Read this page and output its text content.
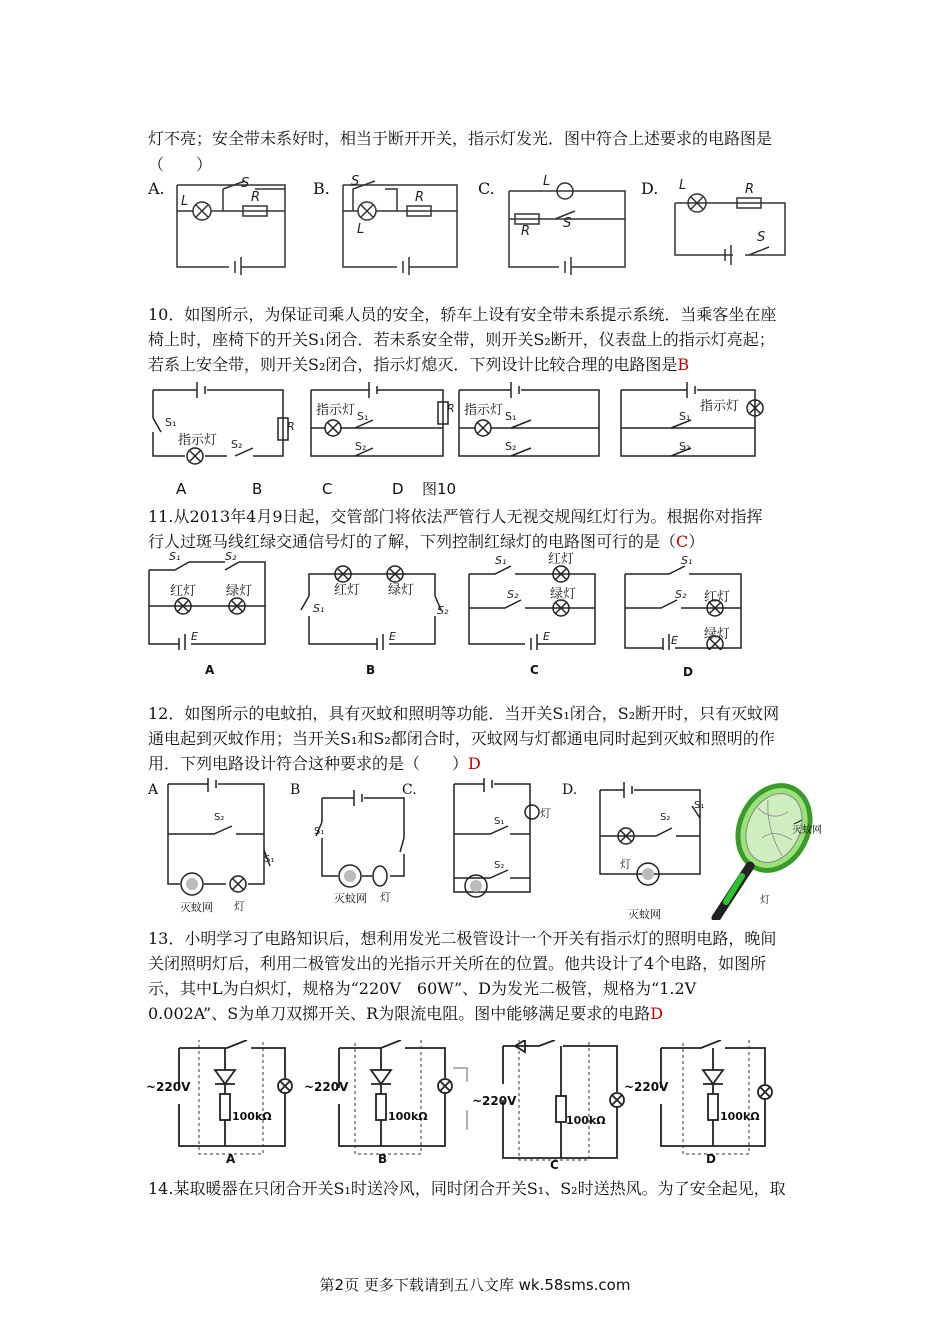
灯不亮；安全带未系好时，相当于断开开关，指示灯发光．图中符合上述要求的电路图是
（　　）
L	R
S
L
R
S	L
R
S
L	R
S
A.	B.	C.	D.
10．如图所示，为保证司乘人员的安全，轿车上设有安全带未系提示系统．当乘客坐在座
椅上时，座椅下的开关S₁闭合．若未系安全带，则开关S₂断开，仪表盘上的指示灯亮起；
若系上安全带，则开关S₂闭合，指示灯熄灭．下列设计比较合理的电路图是B
S₁
S₂
R
S₁
S₂
R
S₁
S₂
S₁
S₂
指示灯
指示灯	指示灯	指示灯
A	B	C	D 图10
11.从2013年4月9日起，交管部门将依法严管行人无视交规闯红灯行为。根据你对指挥
行人过斑马线红绿交通信号灯的了解，下列控制红绿灯的电路图可行的是（C）
S₁	S₂
E
S₁	S₂
E
S₁
S₂
E
S₁
S₂
E
红灯 绿灯	红灯 绿灯
红灯
绿灯	红灯
绿灯
A	B	C	D
12．如图所示的电蚊拍，具有灭蚊和照明等功能．当开关S₁闭合，S₂断开时，只有灭蚊网
通电起到灭蚊作用；当开关S₁和S₂都闭合时，灭蚊网与灯都通电同时起到灭蚊和照明的作
用．下列电路设计符合这种要求的是（　　）D
A	B	C.	D.
S₂
S₁
S₁
S₁
S₂
S₂
S₁
灭蚊网 灯
灭蚊网 灯
灯
灯
灭蚊网
灭蚊网
灯
13．小明学习了电路知识后，想利用发光二极管设计一个开关有指示灯的照明电路，晚间
关闭照明灯后，利用二极管发出的光指示开关所在的位置。他共设计了4个电路，如图所
示，其中L为白炽灯，规格为“220V　60W”、D为发光二极管，规格为“1.2V
0.002A”、S为单刀双掷开关、R为限流电阻。图中能够满足要求的电路D
~220V	~220V
~220V
~220V
100kΩ	100kΩ	100kΩ	100kΩ
A	B	C	D
14.某取暖器在只闭合开关S₁时送冷风，同时闭合开关S₁、S₂时送热风。为了安全起见，取
第2页 更多下载请到五八文库 wk.58sms.com
